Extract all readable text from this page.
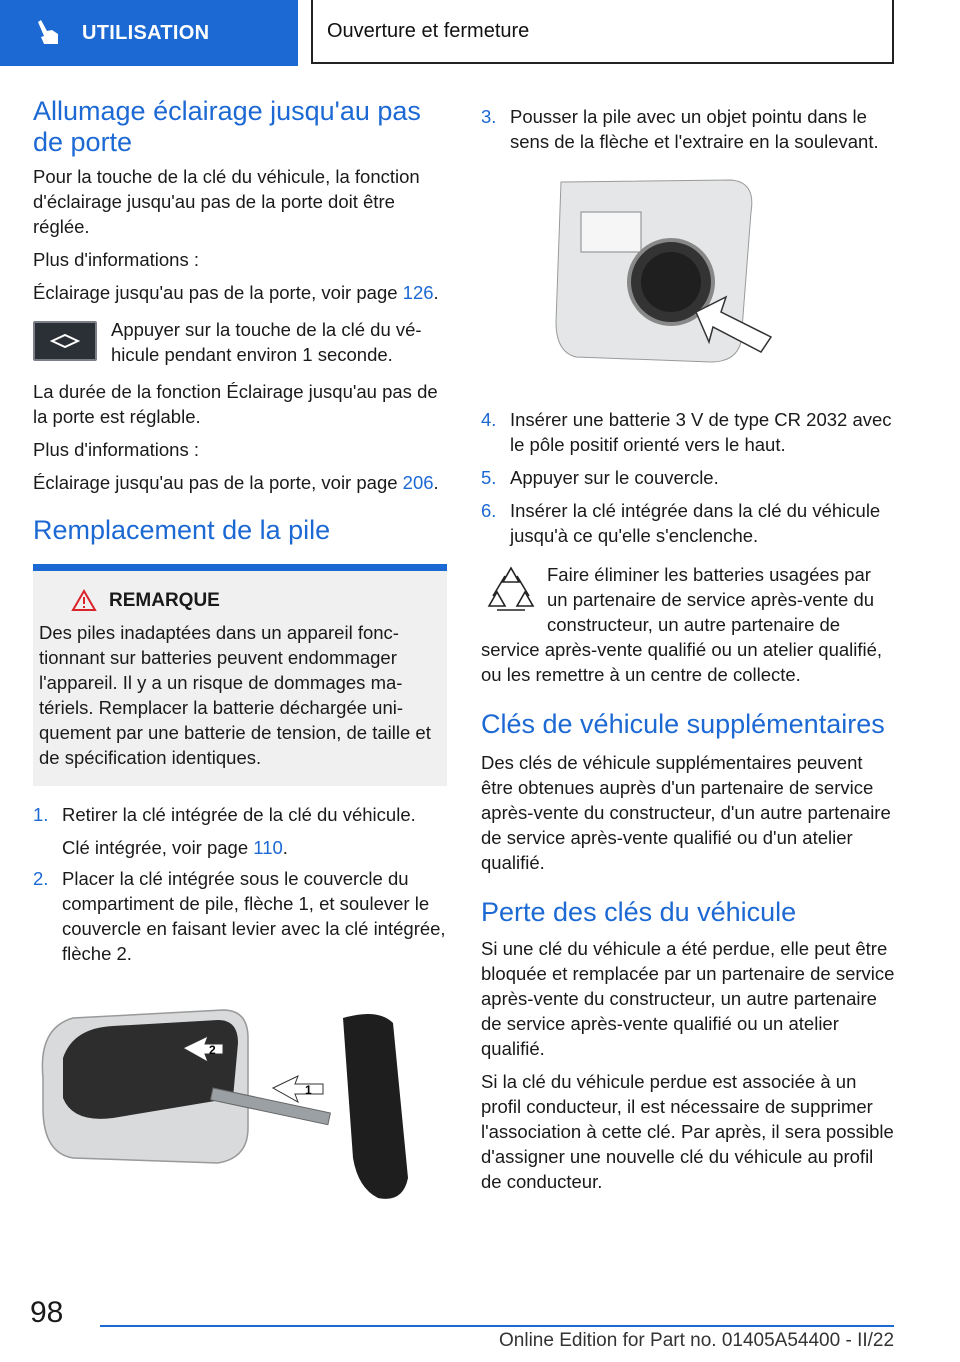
UTILISATION	Ouverture et fermeture
Allumage éclairage jusqu'au pas de porte

Pour la touche de la clé du véhicule, la fonction d'éclairage jusqu'au pas de la porte doit être réglée.

Plus d'informations :

Éclairage jusqu'au pas de la porte, voir page 126.

Appuyer sur la touche de la clé du véhicule pendant environ 1 seconde.

La durée de la fonction Éclairage jusqu'au pas de la porte est réglable.

Plus d'informations :

Éclairage jusqu'au pas de la porte, voir page 206.

Remplacement de la pile
REMARQUE

Des piles inadaptées dans un appareil fonctionnant sur batteries peuvent endommager l'appareil. Il y a un risque de dommages matériels. Remplacer la batterie déchargée uniquement par une batterie de tension, de taille et de spécification identiques.

1. Retirer la clé intégrée de la clé du véhicule.
Clé intégrée, voir page 110.
2. Placer la clé intégrée sous le couvercle du compartiment de pile, flèche 1, et soulever le couvercle en faisant levier avec la clé intégrée, flèche 2.
2
1
3. Pousser la pile avec un objet pointu dans le sens de la flèche et l'extraire en la soulevant.
4. Insérer une batterie 3 V de type CR 2032 avec le pôle positif orienté vers le haut.
5. Appuyer sur le couvercle.
6. Insérer la clé intégrée dans la clé du véhicule jusqu'à ce qu'elle s'enclenche.

Faire éliminer les batteries usagées par un partenaire de service après-vente du constructeur, un autre partenaire de service après-vente qualifié ou un atelier qualifié, ou les remettre à un centre de collecte.

Clés de véhicule supplémentaires

Des clés de véhicule supplémentaires peuvent être obtenues auprès d'un partenaire de service après-vente du constructeur, d'un autre partenaire de service après-vente qualifié ou d'un atelier qualifié.

Perte des clés du véhicule

Si une clé du véhicule a été perdue, elle peut être bloquée et remplacée par un partenaire de service après-vente du constructeur, un autre partenaire de service après-vente qualifié ou un atelier qualifié.

Si la clé du véhicule perdue est associée à un profil conducteur, il est nécessaire de supprimer l'association à cette clé. Par après, il sera possible d'assigner une nouvelle clé du véhicule au profil de conducteur.

98
Online Edition for Part no. 01405A54400 - II/22
